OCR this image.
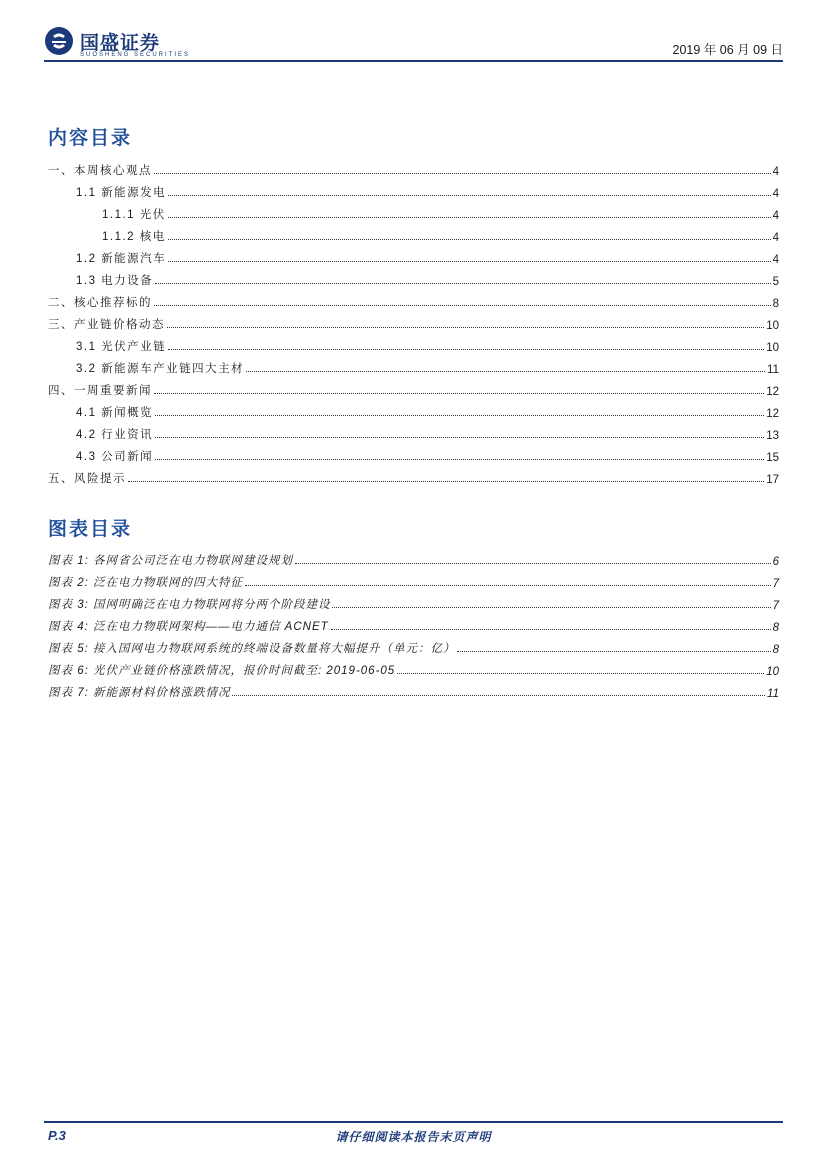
国盛证券
SUOSHENG SECURITIES	2019 年 06 月 09 日
内容目录
一、本周核心观点	4
1.1 新能源发电	4
1.1.1 光伏	4
1.1.2 核电	4
1.2 新能源汽车	4
1.3 电力设备	5
二、核心推荐标的	8
三、产业链价格动态	10
3.1 光伏产业链	10
3.2 新能源车产业链四大主材	11
四、一周重要新闻	12
4.1 新闻概览	12
4.2 行业资讯	13
4.3 公司新闻	15
五、风险提示	17
图表目录
图表 1: 各网省公司泛在电力物联网建设规划	6
图表 2: 泛在电力物联网的四大特征	7
图表 3: 国网明确泛在电力物联网将分两个阶段建设	7
图表 4: 泛在电力物联网架构——电力通信 ACNET	8
图表 5: 接入国网电力物联网系统的终端设备数量将大幅提升（单元：亿）	8
图表 6: 光伏产业链价格涨跌情况，报价时间截至: 2019-06-05	10
图表 7: 新能源材料价格涨跌情况	11
P.3	请仔细阅读本报告末页声明
